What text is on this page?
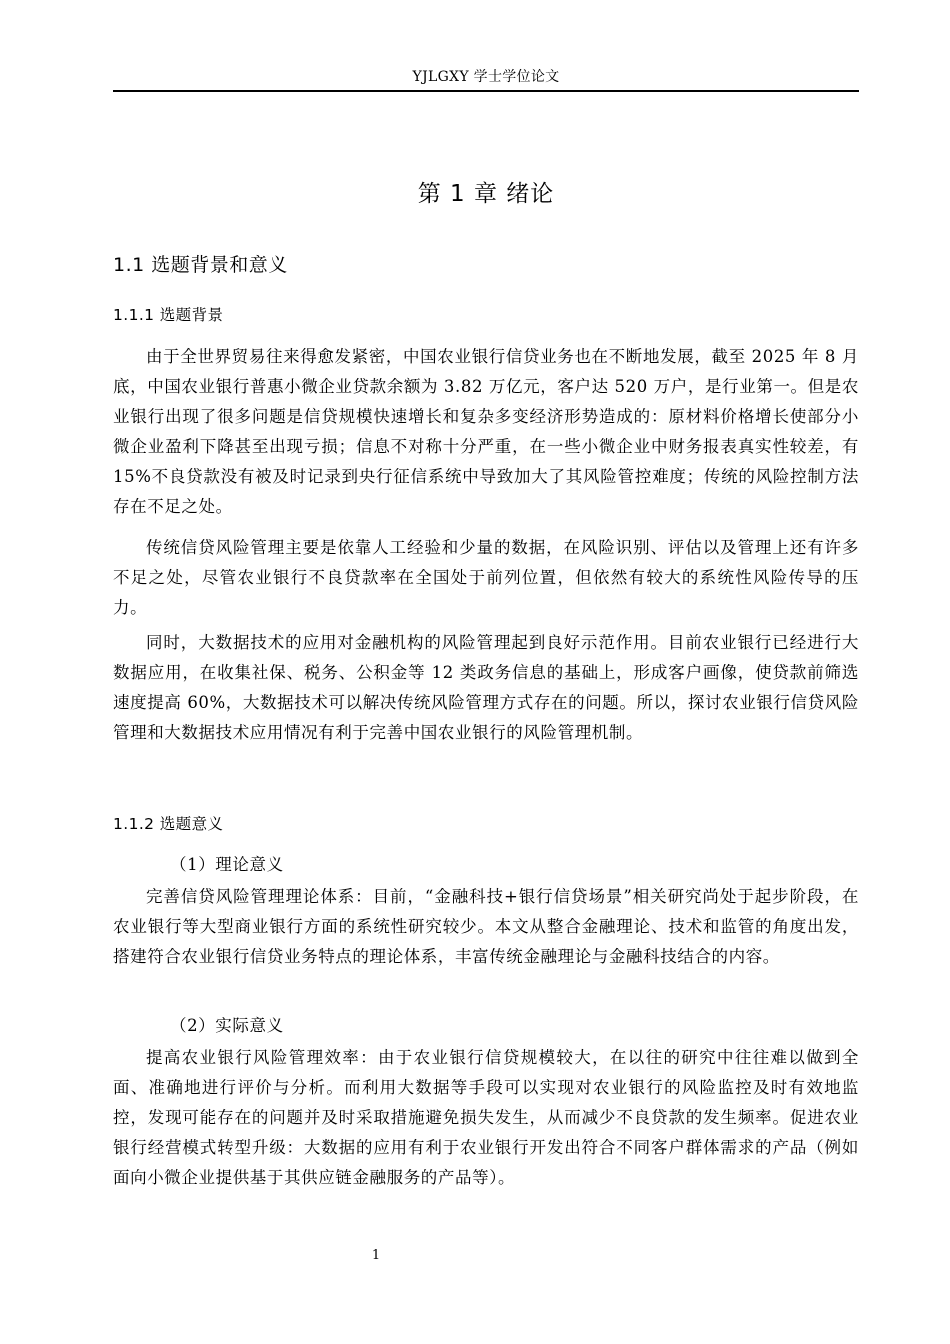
YJLGXY 学士学位论文
第 1 章 绪论
1.1 选题背景和意义
1.1.1 选题背景

由于全世界贸易往来得愈发紧密，中国农业银行信贷业务也在不断地发展，截至 2025 年 8 月底，中国农业银行普惠小微企业贷款余额为 3.82 万亿元，客户达 520 万户，是行业第一。但是农业银行出现了很多问题是信贷规模快速增长和复杂多变经济形势造成的：原材料价格增长使部分小微企业盈利下降甚至出现亏损；信息不对称十分严重，在一些小微企业中财务报表真实性较差，有 15%不良贷款没有被及时记录到央行征信系统中导致加大了其风险管控难度；传统的风险控制方法存在不足之处。

传统信贷风险管理主要是依靠人工经验和少量的数据，在风险识别、评估以及管理上还有许多不足之处，尽管农业银行不良贷款率在全国处于前列位置，但依然有较大的系统性风险传导的压力。

同时，大数据技术的应用对金融机构的风险管理起到良好示范作用。目前农业银行已经进行大数据应用，在收集社保、税务、公积金等 12 类政务信息的基础上，形成客户画像，使贷款前筛选速度提高 60%，大数据技术可以解决传统风险管理方式存在的问题。所以，探讨农业银行信贷风险管理和大数据技术应用情况有利于完善中国农业银行的风险管理机制。

1.1.2 选题意义
（1）理论意义

完善信贷风险管理理论体系：目前，“金融科技+银行信贷场景”相关研究尚处于起步阶段，在农业银行等大型商业银行方面的系统性研究较少。本文从整合金融理论、技术和监管的角度出发，搭建符合农业银行信贷业务特点的理论体系，丰富传统金融理论与金融科技结合的内容。

（2）实际意义

提高农业银行风险管理效率：由于农业银行信贷规模较大，在以往的研究中往往难以做到全面、准确地进行评价与分析。而利用大数据等手段可以实现对农业银行的风险监控及时有效地监控，发现可能存在的问题并及时采取措施避免损失发生，从而减少不良贷款的发生频率。促进农业银行经营模式转型升级：大数据的应用有利于农业银行开发出符合不同客户群体需求的产品（例如面向小微企业提供基于其供应链金融服务的产品等）。

1
